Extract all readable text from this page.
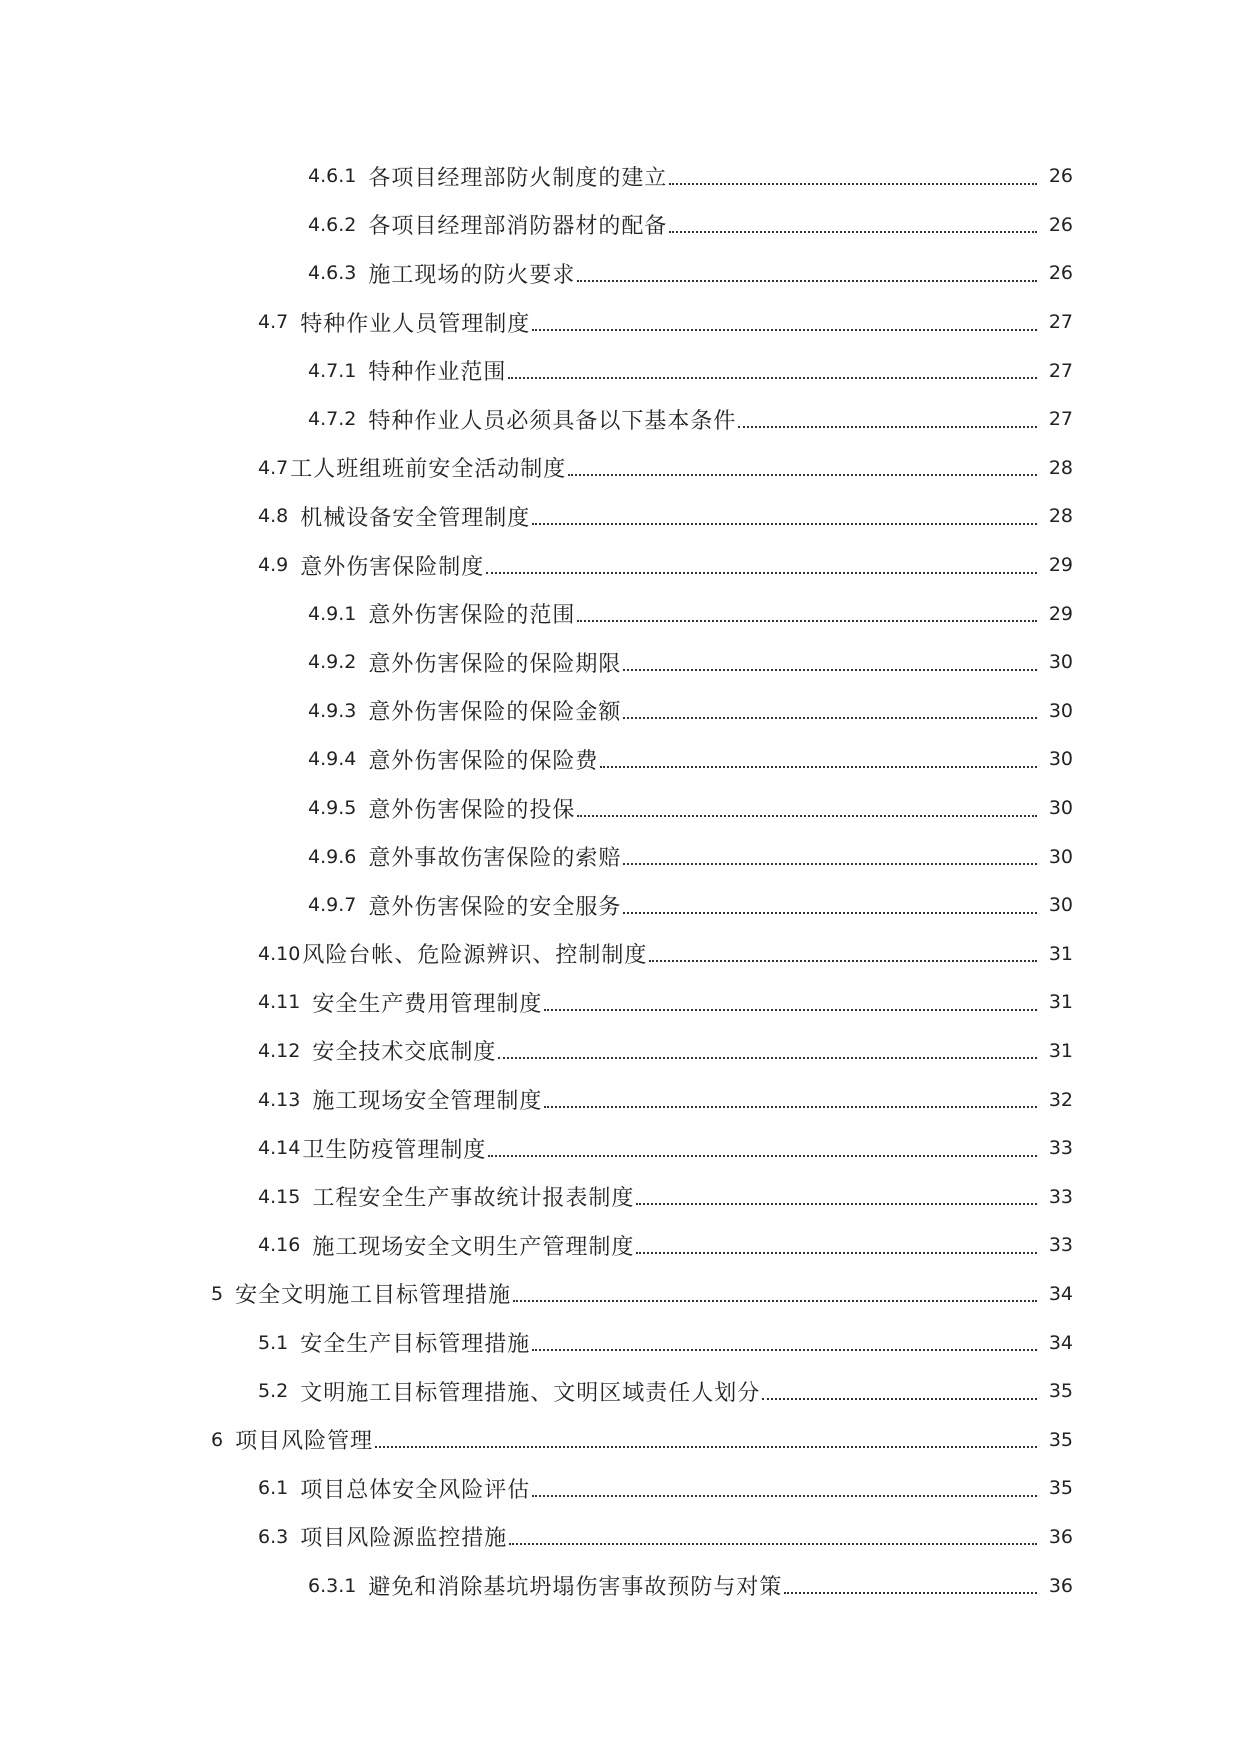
4.6.1 各项目经理部防火制度的建立	26
4.6.2 各项目经理部消防器材的配备	26
4.6.3 施工现场的防火要求	26
4.7 特种作业人员管理制度	27
4.7.1 特种作业范围	27
4.7.2 特种作业人员必须具备以下基本条件	27
4.7 工人班组班前安全活动制度	28
4.8 机械设备安全管理制度	28
4.9 意外伤害保险制度	29
4.9.1 意外伤害保险的范围	29
4.9.2 意外伤害保险的保险期限	30
4.9.3 意外伤害保险的保险金额	30
4.9.4 意外伤害保险的保险费	30
4.9.5 意外伤害保险的投保	30
4.9.6 意外事故伤害保险的索赔	30
4.9.7 意外伤害保险的安全服务	30
4.10 风险台帐、危险源辨识、控制制度	31
4.11 安全生产费用管理制度	31
4.12 安全技术交底制度	31
4.13 施工现场安全管理制度	32
4.14 卫生防疫管理制度	33
4.15 工程安全生产事故统计报表制度	33
4.16 施工现场安全文明生产管理制度	33
5 安全文明施工目标管理措施	34
5.1 安全生产目标管理措施	34
5.2 文明施工目标管理措施、文明区域责任人划分	35
6 项目风险管理	35
6.1 项目总体安全风险评估	35
6.3 项目风险源监控措施	36
6.3.1 避免和消除基坑坍塌伤害事故预防与对策	36
